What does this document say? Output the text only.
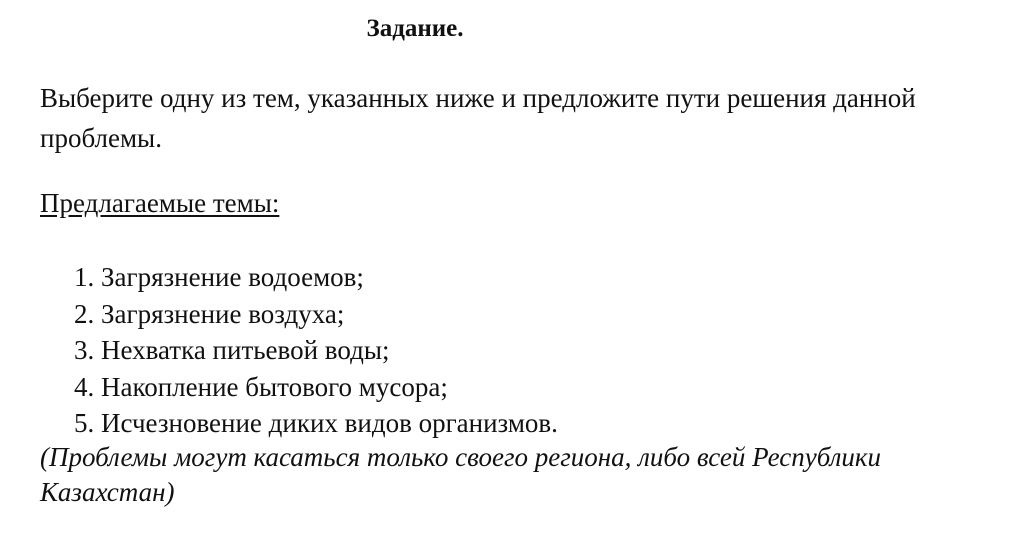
Задание.

Выберите одну из тем, указанных ниже и предложите пути решения данной проблемы.

Предлагаемые темы:

1. Загрязнение водоемов;
2. Загрязнение воздуха;
3. Нехватка питьевой воды;
4. Накопление бытового мусора;
5. Исчезновение диких видов организмов.

(Проблемы могут касаться только своего региона, либо всей Республики Казахстан)
